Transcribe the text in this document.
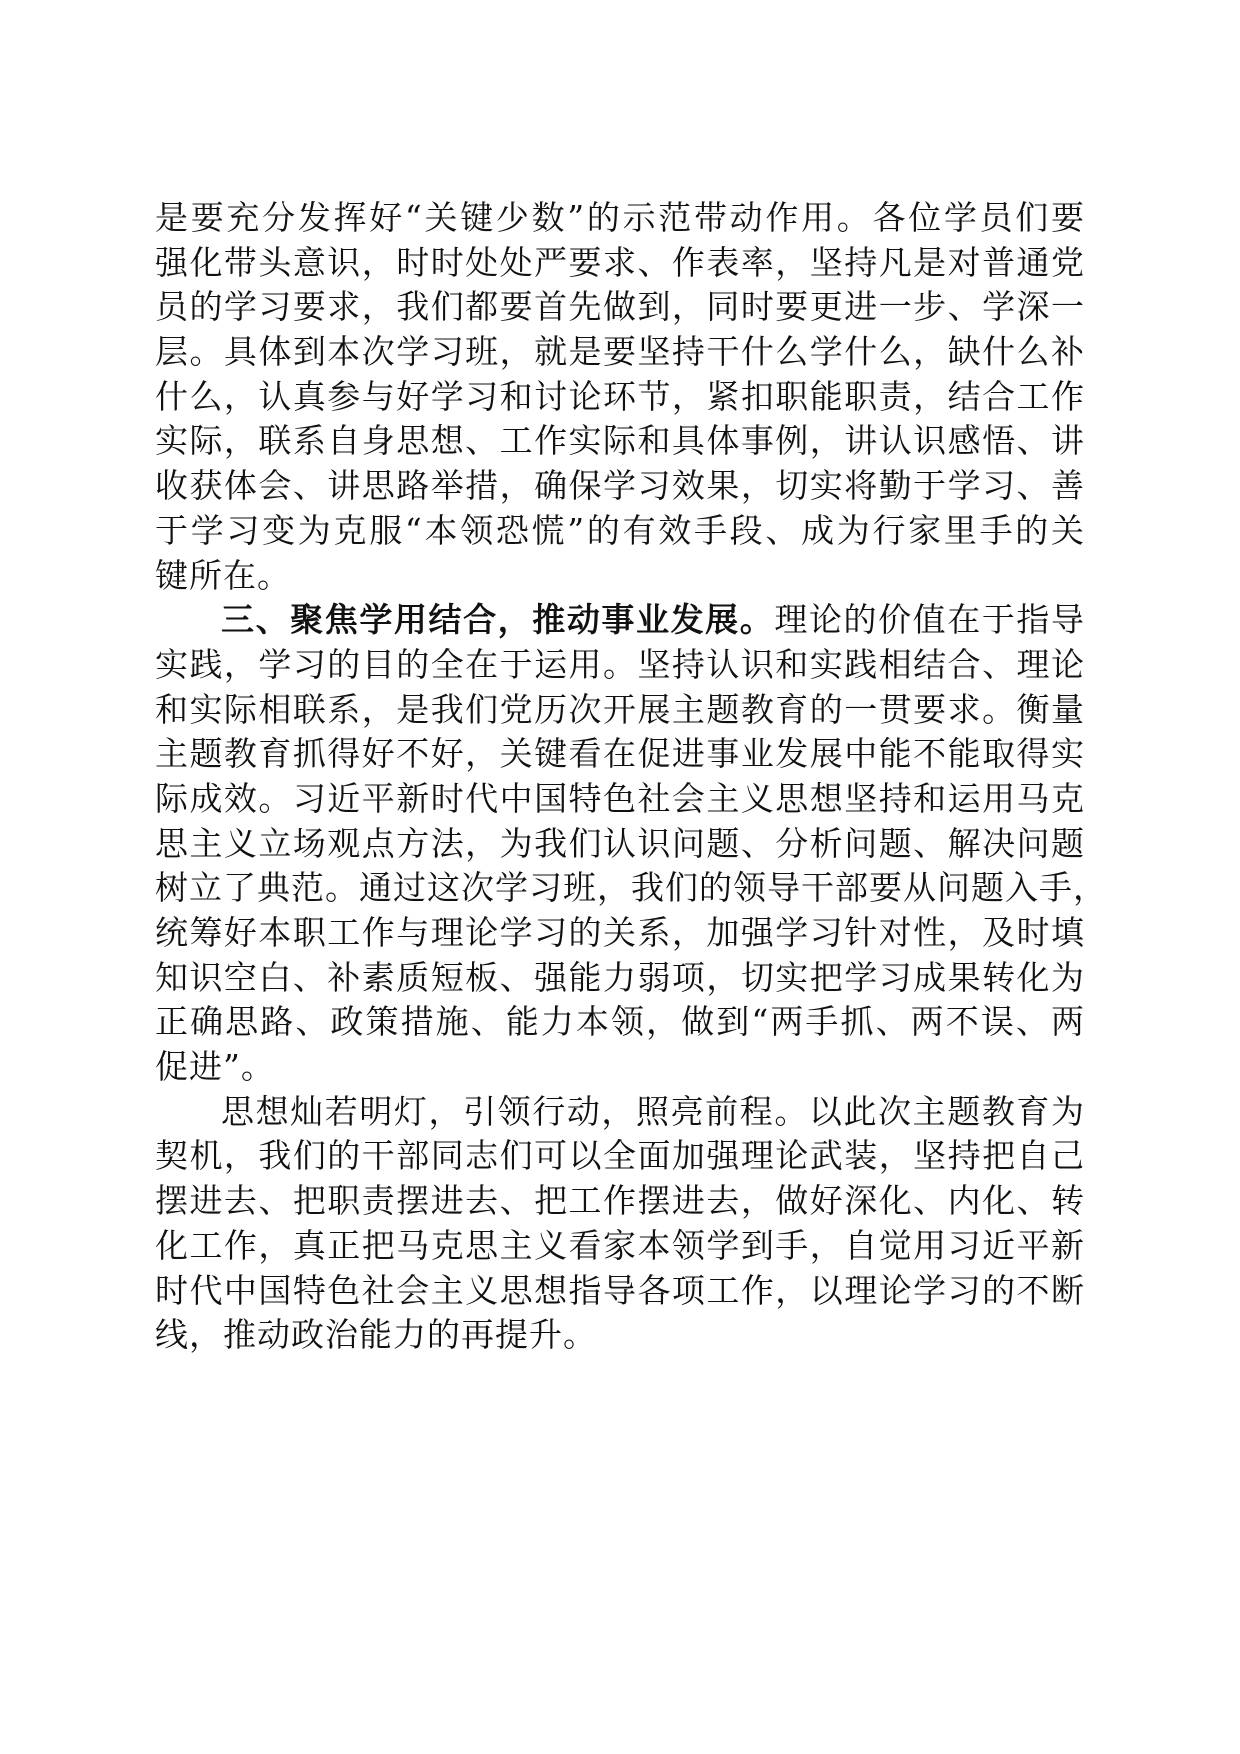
是要充分发挥好“关键少数”的示范带动作用。各位学员们要
强化带头意识，时时处处严要求、作表率，坚持凡是对普通党
员的学习要求，我们都要首先做到，同时要更进一步、学深一
层。具体到本次学习班，就是要坚持干什么学什么，缺什么补
什么，认真参与好学习和讨论环节，紧扣职能职责，结合工作
实际，联系自身思想、工作实际和具体事例，讲认识感悟、讲
收获体会、讲思路举措，确保学习效果，切实将勤于学习、善
于学习变为克服“本领恐慌”的有效手段、成为行家里手的关
键所在。
三、聚焦学用结合，推动事业发展。理论的价值在于指导
实践，学习的目的全在于运用。坚持认识和实践相结合、理论
和实际相联系，是我们党历次开展主题教育的一贯要求。衡量
主题教育抓得好不好，关键看在促进事业发展中能不能取得实
际成效。习近平新时代中国特色社会主义思想坚持和运用马克
思主义立场观点方法，为我们认识问题、分析问题、解决问题
树立了典范。通过这次学习班，我们的领导干部要从问题入手，
统筹好本职工作与理论学习的关系，加强学习针对性，及时填
知识空白、补素质短板、强能力弱项，切实把学习成果转化为
正确思路、政策措施、能力本领，做到“两手抓、两不误、两
促进”。
思想灿若明灯，引领行动，照亮前程。以此次主题教育为
契机，我们的干部同志们可以全面加强理论武装，坚持把自己
摆进去、把职责摆进去、把工作摆进去，做好深化、内化、转
化工作，真正把马克思主义看家本领学到手，自觉用习近平新
时代中国特色社会主义思想指导各项工作，以理论学习的不断
线，推动政治能力的再提升。
